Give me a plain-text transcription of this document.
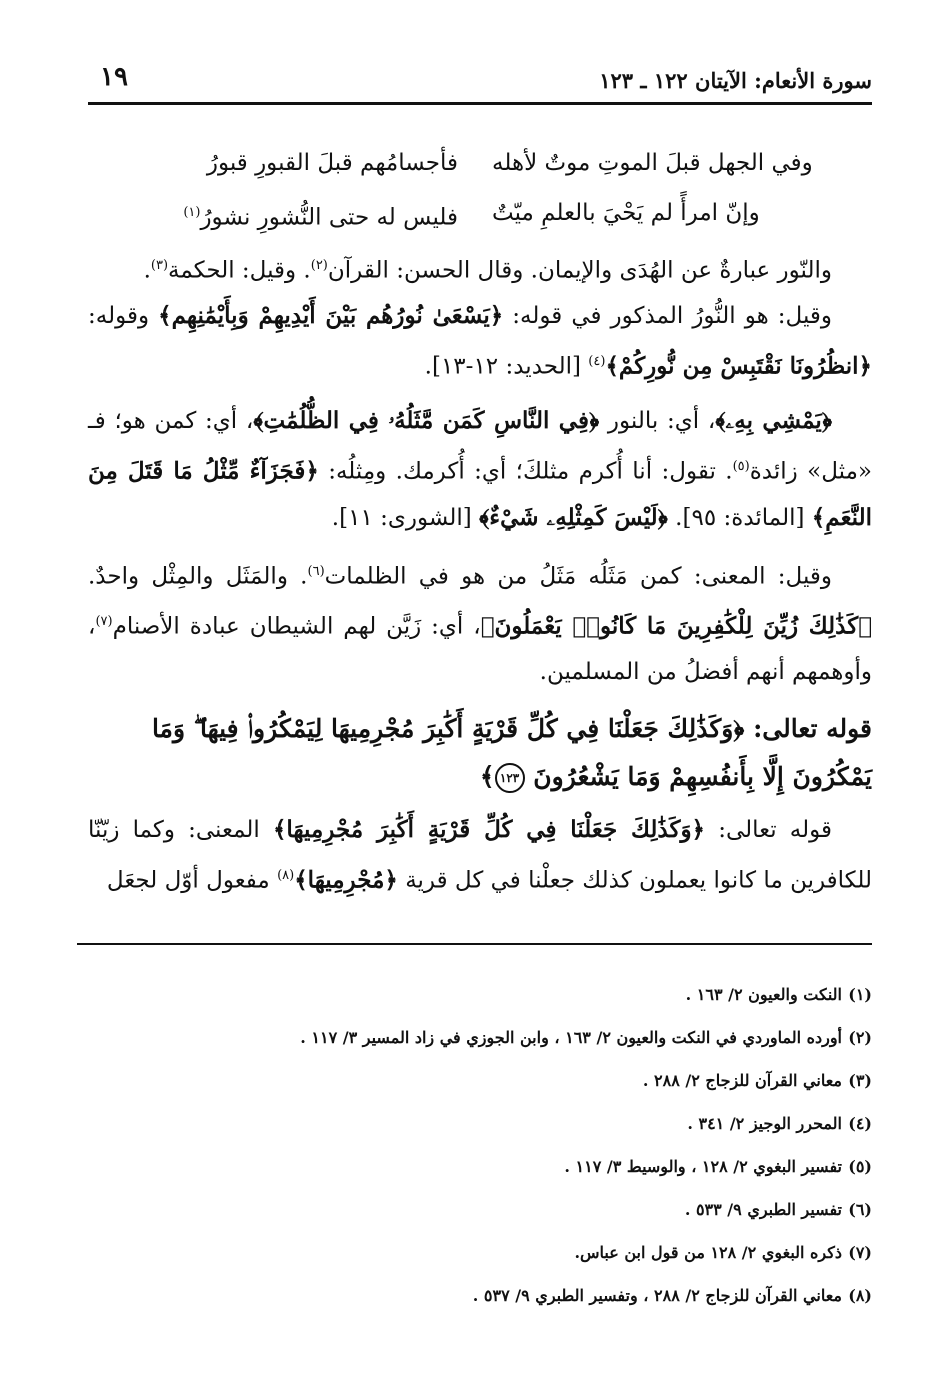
سورة الأنعام: الآيتان ١٢٢ ـ ١٢٣
١٩
وفي الجهل قبلَ الموتِ موتٌ لأهله
فأجسامُهم قبلَ القبورِ قبورُ
وإنّ امرأً لم يَحْيَ بالعلمِ ميّتٌ
فليس له حتى النُّشورِ نشورُ$^{(١)}$

والنّور عبارةٌ عن الهُدَى والإيمان. وقال الحسن: القرآن$^{(٢)}$. وقيل: الحكمة$^{(٣)}$.

وقيل: هو النُّورُ المذكور في قوله: ﴿يَسْعَىٰ نُورُهُم بَيْنَ أَيْدِيهِمْ وَبِأَيْمَٰنِهِم﴾ وقوله: ﴿انظُرُونَا نَقْتَبِسْ مِن نُّورِكُمْ﴾$^{(٤)}$ [الحديد: ١٢-١٣].

﴿يَمْشِي بِهِۦ﴾، أي: بالنور ﴿فِي النَّاسِ كَمَن مَّثَلُهُۥ فِي الظُّلُمَٰتِ﴾، أي: كمن هو؛ فـ «مثل» زائدة$^{(٥)}$. تقول: أنا أُكرم مثلكَ؛ أي: أُكرمك. ومِثلُه: ﴿فَجَزَآءٌ مِّثْلُ مَا قَتَلَ مِنَ النَّعَمِ﴾ [المائدة: ٩٥]. ﴿لَيْسَ كَمِثْلِهِۦ شَيْءٌ﴾ [الشورى: ١١].

وقيل: المعنى: كمن مَثَلُه مَثَلُ من هو في الظلمات$^{(٦)}$. والمَثَل والمِثْل واحدٌ. ﴿كَذَٰلِكَ زُيِّنَ لِلْكَٰفِرِينَ مَا كَانُوا۟ يَعْمَلُونَ﴾، أي: زَيَّن لهم الشيطان عبادة الأصنام$^{(٧)}$، وأوهمهم أنهم أفضلُ من المسلمين.

قوله تعالى: ﴿وَكَذَٰلِكَ جَعَلْنَا فِي كُلِّ قَرْيَةٍ أَكَٰبِرَ مُجْرِمِيهَا لِيَمْكُرُوا۟ فِيهَا ۖ وَمَا يَمْكُرُونَ إِلَّا بِأَنفُسِهِمْ وَمَا يَشْعُرُونَ ١٢٣﴾

قوله تعالى: ﴿وَكَذَٰلِكَ جَعَلْنَا فِي كُلِّ قَرْيَةٍ أَكَٰبِرَ مُجْرِمِيهَا﴾ المعنى: وكما زيّنّا للكافرين ما كانوا يعملون كذلك جعلْنا في كل قرية ﴿مُجْرِمِيهَا﴾$^{(٨)}$ مفعول أوّل لجعَل

(١)النكت والعيون ٢/ ١٦٣ .
(٢)أورده الماوردي في النكت والعيون ٢/ ١٦٣ ، وابن الجوزي في زاد المسير ٣/ ١١٧ .
(٣)معاني القرآن للزجاج ٢/ ٢٨٨ .
(٤)المحرر الوجيز ٢/ ٣٤١ .
(٥)تفسير البغوي ٢/ ١٢٨ ، والوسيط ٣/ ١١٧ .
(٦)تفسير الطبري ٩/ ٥٣٣ .
(٧)ذكره البغوي ٢/ ١٢٨ من قول ابن عباس.
(٨)معاني القرآن للزجاج ٢/ ٢٨٨ ، وتفسير الطبري ٩/ ٥٣٧ .
